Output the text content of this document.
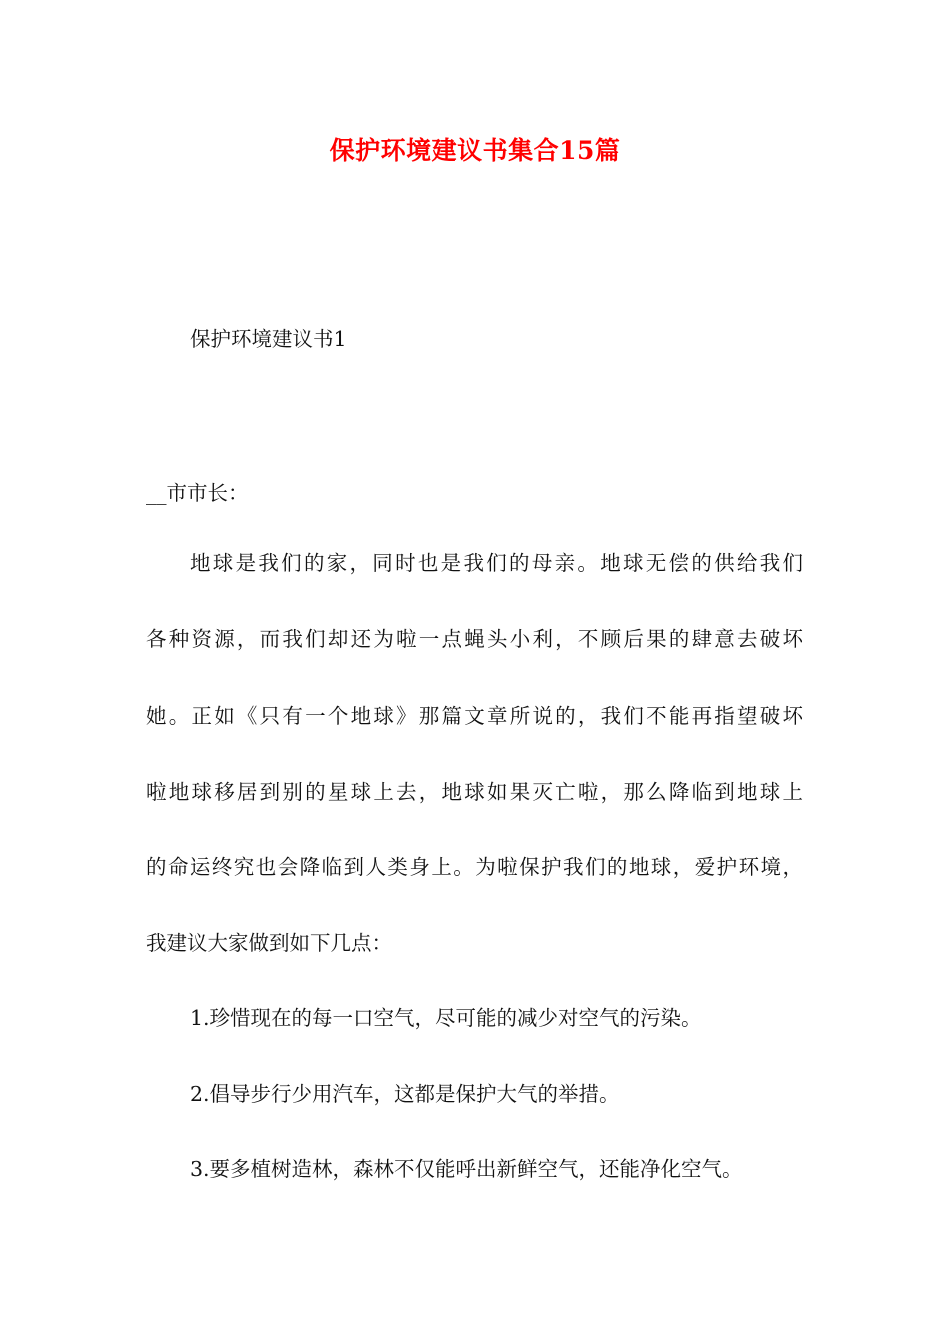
保护环境建议书集合15篇
保护环境建议书1
__市市长：
地球是我们的家，同时也是我们的母亲。地球无偿的供给我们
各种资源，而我们却还为啦一点蝇头小利，不顾后果的肆意去破坏
她。正如《只有一个地球》那篇文章所说的，我们不能再指望破坏
啦地球移居到别的星球上去，地球如果灭亡啦，那么降临到地球上
的命运终究也会降临到人类身上。为啦保护我们的地球，爱护环境，
我建议大家做到如下几点：
1.珍惜现在的每一口空气，尽可能的减少对空气的污染。
2.倡导步行少用汽车，这都是保护大气的举措。
3.要多植树造林，森林不仅能呼出新鲜空气，还能净化空气。
